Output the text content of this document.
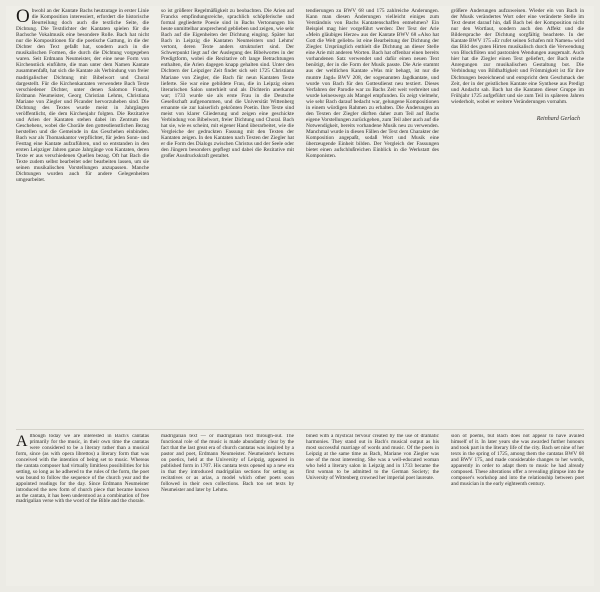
Obwohl an der Kantate Bachs heutzutage in erster Linie die Komposition interessiert, erfordert die historische Beurteilung doch auch die textliche Seite, die Dichtung. Die Textdichter der Kantaten spielen für die Bachsche Vokalmusik eine besondere Rolle. Bach hat nicht nur die Kompositionen für die poetische Gattung, in die der Dichter den Text gefaßt hat, sondern auch in die musikalischen Formen, die durch die Dichtung vorgegeben waren. Seit Erdmann Neumeister, der eine neue Form von Kirchenstück einführte, die man unter dem Namen Kantate zusammenfaßt, hat sich die Kantate als Verbindung von freier madrigalischer Dichtung mit Bibelwort und Choral dargestellt. Für die Kirchenkantaten verwendete Bach Texte verschiedener Dichter, unter denen Salomon Franck, Erdmann Neumeister, Georg Christian Lehms, Christiana Mariane von Ziegler und Picander hervorzuheben sind. Die Dichtung des Textes wurde meist in Jahrgängen veröffentlicht, die dem Kirchenjahr folgten. Die Rezitative und Arien der Kantaten stehen dabei im Zentrum des Geschehens, wobei die Choräle den gottesdienstlichen Bezug herstellen und die Gemeinde in das Geschehen einbinden. Bach war als Thomaskantor verpflichtet, für jeden Sonn- und Festtag eine Kantate aufzuführen, und so entstanden in den ersten Leipziger Jahren ganze Jahrgänge von Kantaten, deren Texte er aus verschiedenen Quellen bezog. Oft hat Bach die Texte zudem selbst bearbeitet oder bearbeiten lassen, um sie seinen musikalischen Vorstellungen anzupassen. Manche Dichtungen wurden auch für andere Gelegenheiten umgearbeitet.

so ist größerer Regelmäßigkeit zu beobachten. Die Arien auf Francks empfindungsreiche, sprachlich schöpferische und formal gegliederte Poesie sind in Bachs Vertonungen bis heute unmittelbar ansprechend geblieben und zeigen, wie sehr Bach auf die Eigenheiten der Dichtung einging. Später hat Bach in Leipzig die Kantaten Neumeisters und Lehms' vertont, deren Texte anders strukturiert sind. Der Schwerpunkt liegt auf der Auslegung des Bibelwortes in der Predigtform, wobei die Rezitative oft lange Betrachtungen enthalten, die Arien dagegen knapp gehalten sind. Unter den Dichtern der Leipziger Zeit findet sich seit 1725 Christiana Mariane von Ziegler, die Bach für neun Kantaten Texte lieferte. Sie war eine gebildete Frau, die in Leipzig einen literarischen Salon unterhielt und als Dichterin anerkannt war; 1733 wurde sie als erste Frau in die Deutsche Gesellschaft aufgenommen, und die Universität Wittenberg ernannte sie zur kaiserlich gekrönten Poetin. Ihre Texte sind meist von klarer Gliederung und zeigen eine geschickte Verbindung von Bibelwort, freier Dichtung und Choral. Bach hat sie, wie es scheint, mit eigener Hand überarbeitet, wie die Vergleiche der gedruckten Fassung mit den Texten der Kantaten zeigen. In den Kantaten nach Texten der Ziegler hat er die Form des Dialogs zwischen Christus und der Seele oder den Jüngern besonders gepflegt und dabei die Rezitative mit großer Ausdruckskraft gestaltet.

tendierungen zu BWV 68 und 175 zahlreiche Änderungen. Kann man diesen Änderungen vielleicht einiges zum Verständnis von Bachs Kantatenschaffen entnehmen? Ein Beispiel mag hier vorgeführt werden: Der Text der Arie »Mein gläubiges Herze« aus der Kantate BWV 68 »Also hat Gott die Welt geliebt« ist eine Bearbeitung der Dichtung der Ziegler. Ursprünglich enthielt die Dichtung an dieser Stelle eine Arie mit anderen Worten. Bach hat offenbar einen bereits vorhandenen Satz verwendet und dafür einen neuen Text benötigt, der in die Form der Musik passte. Die Arie stammt aus der weltlichen Kantate »Was mir behagt, ist nur die muntre Jagd« BWV 208, der sogenannten Jagdkantate, und wurde von Bach für den Gottesdienst neu textiert. Dieses Verfahren der Parodie war zu Bachs Zeit weit verbreitet und wurde keineswegs als Mangel empfunden. Es zeigt vielmehr, wie sehr Bach darauf bedacht war, gelungene Kompositionen in einem würdigen Rahmen zu erhalten. Die Änderungen an den Texten der Ziegler dürften daher zum Teil auf Bachs eigene Vorstellungen zurückgehen, zum Teil aber auch auf die Notwendigkeit, bereits vorhandene Musik neu zu verwenden. Manchmal wurde in diesen Fällen der Text dem Charakter der Komposition angepaßt, sodaß Wort und Musik eine überzeugende Einheit bilden. Der Vergleich der Fassungen bietet einen aufschlußreichen Einblick in die Werkstatt des Komponisten.

größere Änderungen aufzuweisen. Wieder ein von Bach in der Musik verändertes Wort oder eine veränderte Stelle im Text deutet darauf hin, daß Bach bei der Komposition nicht nur den Wortlaut, sondern auch den Affekt und die Bildersprache der Dichtung sorgfältig beachtete. In der Kantate BWV 175 »Er rufet seinen Schafen mit Namen« wird das Bild des guten Hirten musikalisch durch die Verwendung von Blockflöten und pastoralen Wendungen ausgemalt. Auch hier hat die Ziegler einen Text geliefert, der Bach reiche Anregungen zur musikalischen Gestaltung bot. Die Verbindung von Bildhaftigkeit und Frömmigkeit ist für ihre Dichtungen bezeichnend und entspricht dem Geschmack der Zeit, der in der geistlichen Kantate eine Synthese aus Predigt und Andacht sah. Bach hat die Kantaten dieser Gruppe im Frühjahr 1725 aufgeführt und sie zum Teil in späteren Jahren wiederholt, wobei er weitere Veränderungen vornahm.

Reinhard Gerlach

Although today we are interested in Bach's cantatas primarily for the music, in their own time the cantatas were considered to be a literary rather than a musical form, since (as with opera librettos) a literary form that was conceived with the intention of being set to music. Whereas the cantata composer had virtually limitless possibilities for his setting, so long as he adhered to the rules of the form, the poet was bound to follow the sequence of the church year and the appointed readings for the day. Since Erdmann Neumeister introduced the new form of church piece that became known as the cantata, it has been understood as a combination of free madrigalian verse with the word of the Bible and the chorale.

madrigalian text — or madrigalian text through-out. The functional role of the music is made abundantly clear by the fact that the last great era of church cantatas was inspired by a pastor and poet, Erdmann Neumeister. Neumeister's lectures on poetics, held at the University of Leipzig, appeared in published form in 1707. His cantata texts opened up a new era in that they introduced madrigalian sections for setting as recitatives or as arias, a model which other poets soon followed in their own collections. Bach too set texts by Neumeister and later by Lehms.

bined with a mystical fervour created by the use of dramatic harmonies. They stand out in Bach's musical output as his most successful marriage of words and music. Of the poets in Leipzig at the same time as Bach, Mariane von Ziegler was one of the most interesting. She was a well-educated woman who held a literary salon in Leipzig and in 1733 became the first woman to be admitted to the German Society; the University of Wittenberg crowned her imperial poet laureate.

sion of poems, but Bach does not appear to have availed himself of it. In later years she was awarded further honours and took part in the literary life of the city. Bach set nine of her texts in the spring of 1725, among them the cantatas BWV 68 and BWV 175, and made considerable changes to her words, apparently in order to adapt them to music he had already composed. These alterations offer a revealing glimpse into the composer's workshop and into the relationship between poet and musician in the early eighteenth century.
